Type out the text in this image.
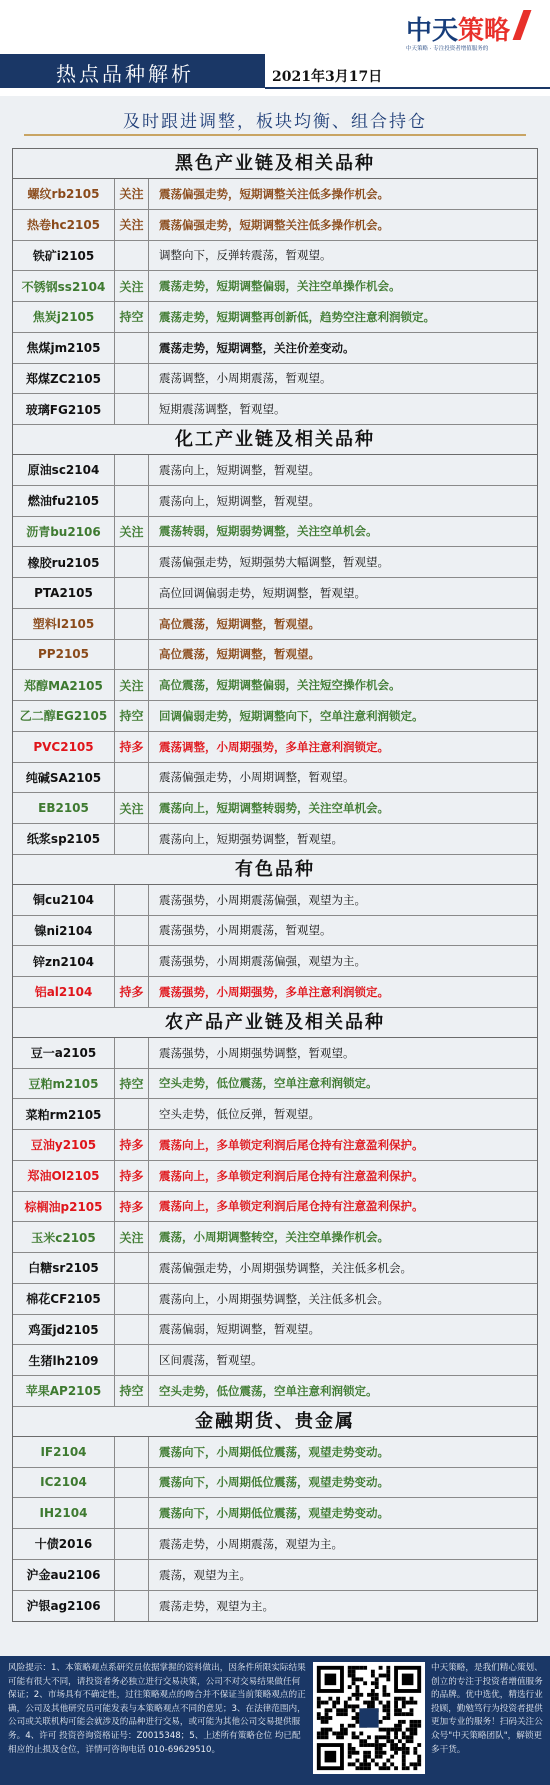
中天策略
中天策略 · 专注投资者增值服务的
热点品种解析	2021年3月17日
及时跟进调整，板块均衡、组合持仓
黑色产业链及相关品种
螺纹rb2105	关注	震荡偏强走势，短期调整关注低多操作机会。
热卷hc2105	关注	震荡偏强走势，短期调整关注低多操作机会。
铁矿i2105	调整向下，反弹转震荡，暂观望。
不锈钢ss2104	关注	震荡走势，短期调整偏弱，关注空单操作机会。
焦炭j2105	持空	震荡走势，短期调整再创新低，趋势空注意利润锁定。
焦煤jm2105	震荡走势，短期调整，关注价差变动。
郑煤ZC2105	震荡调整，小周期震荡，暂观望。
玻璃FG2105	短期震荡调整，暂观望。
化工产业链及相关品种
原油sc2104	震荡向上，短期调整，暂观望。
燃油fu2105	震荡向上，短期调整，暂观望。
沥青bu2106	关注	震荡转弱，短期弱势调整，关注空单机会。
橡胶ru2105	震荡偏强走势，短期强势大幅调整，暂观望。
PTA2105	高位回调偏弱走势，短期调整，暂观望。
塑料l2105	高位震荡，短期调整，暂观望。
PP2105	高位震荡，短期调整，暂观望。
郑醇MA2105	关注	高位震荡，短期调整偏弱，关注短空操作机会。
乙二醇EG2105	持空	回调偏弱走势，短期调整向下，空单注意利润锁定。
PVC2105	持多	震荡调整，小周期强势，多单注意利润锁定。
纯碱SA2105	震荡偏强走势，小周期调整，暂观望。
EB2105	关注	震荡向上，短期调整转弱势，关注空单机会。
纸浆sp2105	震荡向上，短期强势调整，暂观望。
有色品种
铜cu2104	震荡强势，小周期震荡偏强，观望为主。
镍ni2104	震荡强势，小周期震荡，暂观望。
锌zn2104	震荡强势，小周期震荡偏强，观望为主。
铝al2104	持多	震荡强势，小周期强势，多单注意利润锁定。
农产品产业链及相关品种
豆一a2105	震荡强势，小周期强势调整，暂观望。
豆粕m2105	持空	空头走势，低位震荡，空单注意利润锁定。
菜粕rm2105	空头走势，低位反弹，暂观望。
豆油y2105	持多	震荡向上，多单锁定利润后尾仓持有注意盈利保护。
郑油OI2105	持多	震荡向上，多单锁定利润后尾仓持有注意盈利保护。
棕榈油p2105	持多	震荡向上，多单锁定利润后尾仓持有注意盈利保护。
玉米c2105	关注	震荡，小周期调整转空，关注空单操作机会。
白糖sr2105	震荡偏强走势，小周期强势调整，关注低多机会。
棉花CF2105	震荡向上，小周期强势调整，关注低多机会。
鸡蛋jd2105	震荡偏弱，短期调整，暂观望。
生猪lh2109	区间震荡，暂观望。
苹果AP2105	持空	空头走势，低位震荡，空单注意利润锁定。
金融期货、贵金属
IF2104	震荡向下，小周期低位震荡，观望走势变动。
IC2104	震荡向下，小周期低位震荡，观望走势变动。
IH2104	震荡向下，小周期低位震荡，观望走势变动。
十债2016	震荡走势，小周期震荡，观望为主。
沪金au2106	震荡，观望为主。
沪银ag2106	震荡走势，观望为主。
风险提示：1、本策略观点系研究员依据掌握的资料做出，因条件所限实际结果可能有很大不同，请投资者务必独立进行交易决策，公司不对交易结果做任何保证；2、市场具有不确定性，过往策略观点的吻合并不保证当前策略观点的正确，公司及其他研究员可能发表与本策略观点不同的意见；3、在法律范围内，公司或关联机构可能会就涉及的品种进行交易，或可能为其他公司交易提供服务。4、许可 投资咨询资格证号：Z0015348；5、上述所有策略仓位 均已配相应的止损及仓位，详情可咨询电话 010-69629510。
中天策略，是我们精心策划、创立的专注于投资者增值服务的品牌。优中选优，精选行业投顾，勤勉笃行为投资者提供更加专业的服务！扫码关注公众号"中天策略团队"，解锁更多干货。
